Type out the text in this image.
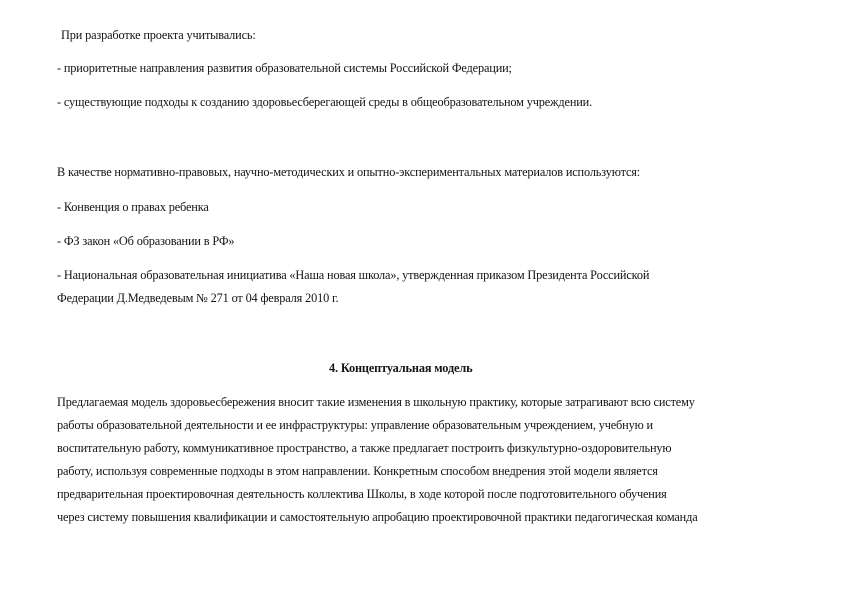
При разработке проекта учитывались:
- приоритетные направления развития образовательной системы Российской Федерации;
- существующие подходы к созданию здоровьесберегающей среды в общеобразовательном учреждении.
В качестве нормативно-правовых, научно-методических и опытно-экспериментальных материалов используются:
- Конвенция о правах ребенка
- ФЗ закон «Об образовании в РФ»
- Национальная образовательная инициатива «Наша новая школа», утвержденная приказом Президента Российской
Федерации Д.Медведевым № 271 от 04 февраля 2010 г.
4. Концептуальная модель
Предлагаемая модель здоровьесбережения вносит такие изменения в школьную практику, которые затрагивают всю систему
работы образовательной деятельности и ее инфраструктуры: управление образовательным учреждением, учебную и
воспитательную работу, коммуникативное пространство, а также предлагает построить физкультурно-оздоровительную
работу, используя современные подходы в этом направлении. Конкретным способом внедрения этой модели является
предварительная проектировочная деятельность коллектива Школы, в ходе которой после подготовительного обучения
через систему повышения квалификации и самостоятельную апробацию проектировочной практики педагогическая команда
